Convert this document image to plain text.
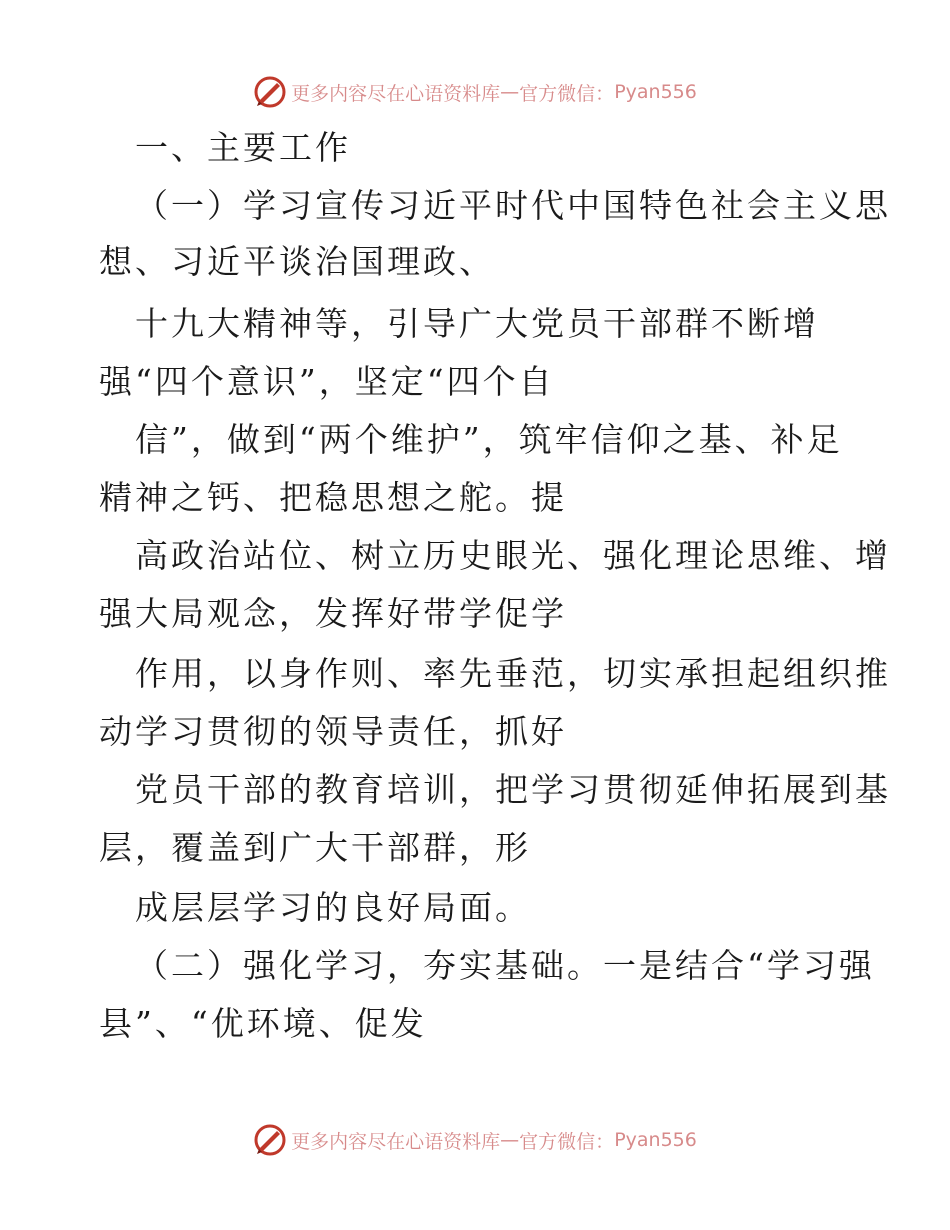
更多内容尽在心语资料库 — 官方微信： Pyan556
一、主要工作
（一）学习宣传习近平时代中国特色社会主义思
想、习近平谈治国理政、
十九大精神等，引导广大党员干部群不断增
强“四个意识”，坚定“四个自
信”，做到“两个维护”，筑牢信仰之基、补足
精神之钙、把稳思想之舵。提
高政治站位、树立历史眼光、强化理论思维、增
强大局观念，发挥好带学促学
作用，以身作则、率先垂范，切实承担起组织推
动学习贯彻的领导责任，抓好
党员干部的教育培训，把学习贯彻延伸拓展到基
层，覆盖到广大干部群，形
成层层学习的良好局面。
（二）强化学习，夯实基础。一是结合“学习强
县”、“优环境、促发
更多内容尽在心语资料库 — 官方微信： Pyan556
